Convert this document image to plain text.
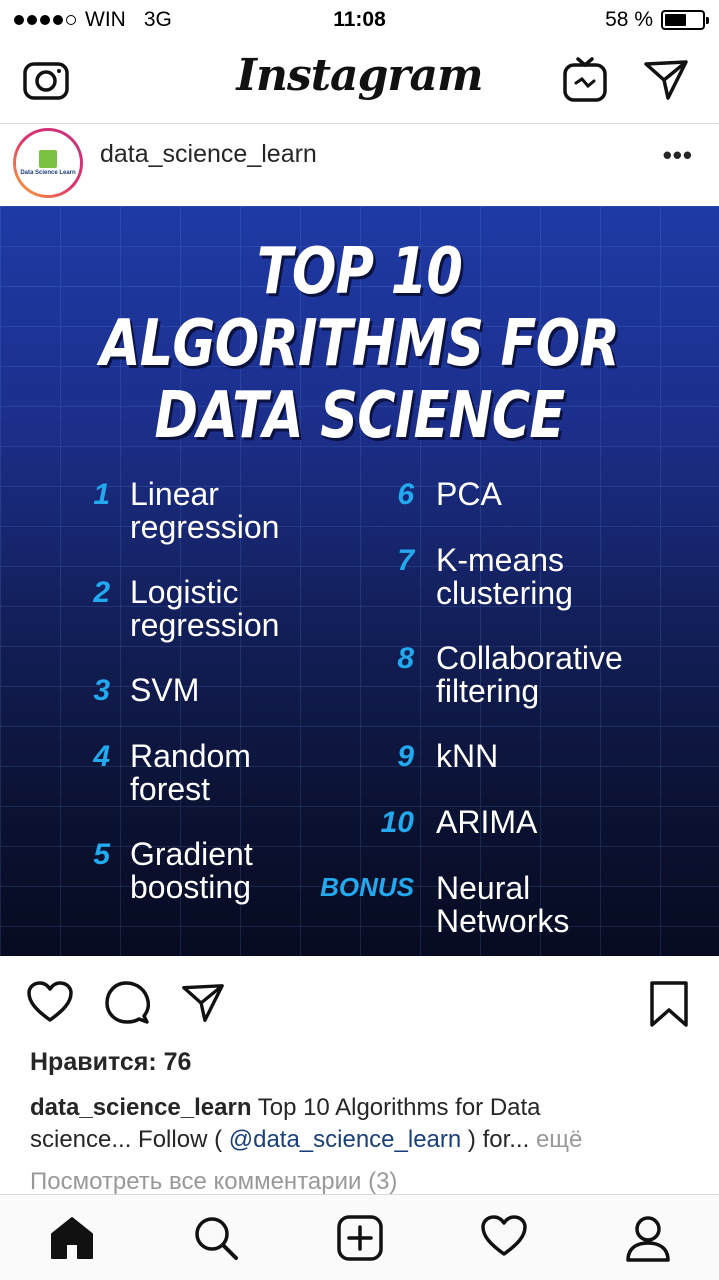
WIN 3G	11:08	58 %
Instagram
Data Science Learn
data_science_learn	•••
TOP 10
ALGORITHMS FOR
DATA SCIENCE
1 Linear
regression
2 Logistic
regression
3 SVM
4 Random
forest
5 Gradient
boosting
6 PCA
7 K-means
clustering
8 Collaborative
filtering
9 kNN
10 ARIMA
BONUS Neural
Networks
Нравится: 76
data_science_learn Top 10 Algorithms for Data
science... Follow ( @data_science_learn ) for... ещё
Посмотреть все комментарии (3)
